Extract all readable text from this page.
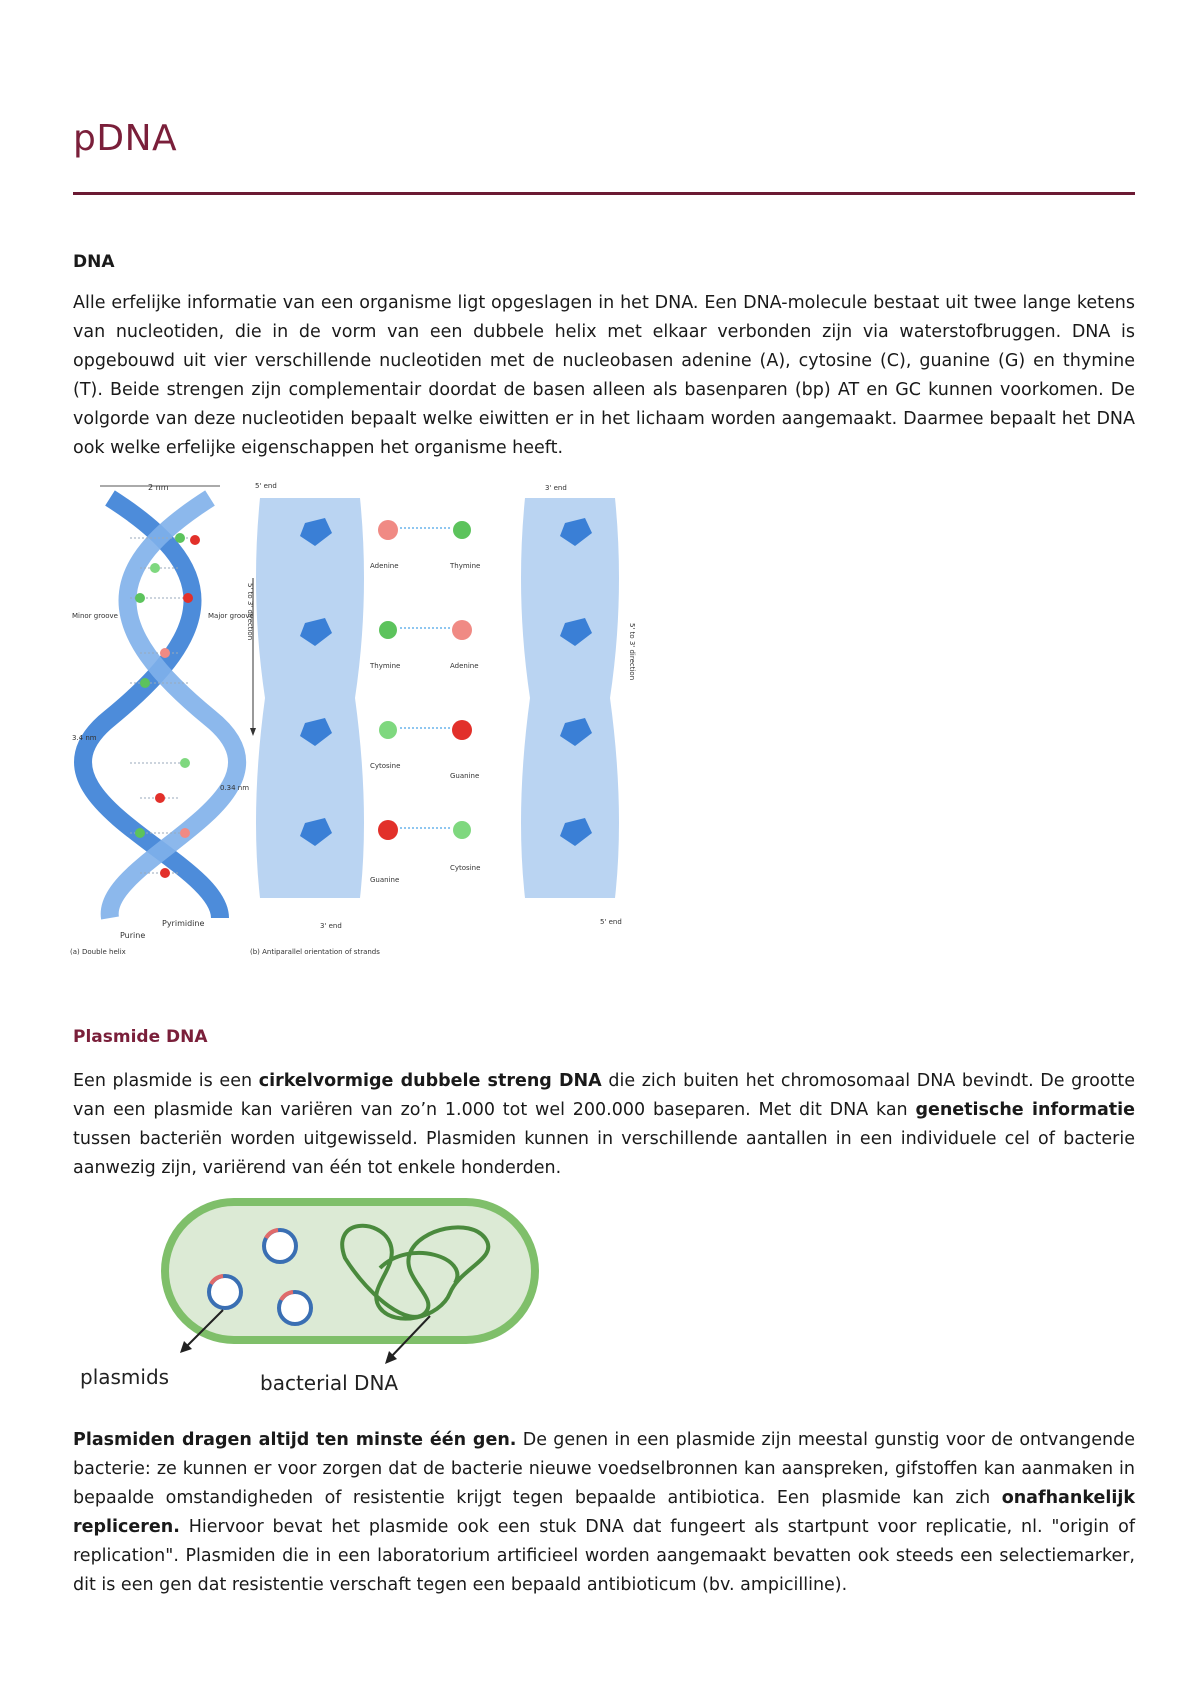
pDNA
DNA
Alle erfelijke informatie van een organisme ligt opgeslagen in het DNA. Een DNA-molecule bestaat uit twee lange ketens van nucleotiden, die in de vorm van een dubbele helix met elkaar verbonden zijn via waterstofbruggen. DNA is opgebouwd uit vier verschillende nucleotiden met de nucleobasen adenine (A), cytosine (C), guanine (G) en thymine (T). Beide strengen zijn complementair doordat de basen alleen als basenparen (bp) AT en GC kunnen voorkomen. De volgorde van deze nucleotiden bepaalt welke eiwitten er in het lichaam worden aangemaakt. Daarmee bepaalt het DNA ook welke erfelijke eigenschappen het organisme heeft.
2 nm
Minor groove	Major groove
3.4 nm
0.34 nm
Purine
Pyrimidine
(a) Double helix
5' end	3' end
3' end	5' end
5' to 3' direction
5' to 3' direction
Adenine	Thymine
Thymine	Adenine
Cytosine
Guanine
Guanine
Cytosine
(b) Antiparallel orientation of strands
Plasmide DNA
Een plasmide is een cirkelvormige dubbele streng DNA die zich buiten het chromosomaal DNA bevindt. De grootte van een plasmide kan variëren van zo’n 1.000 tot wel 200.000 baseparen. Met dit DNA kan genetische informatie tussen bacteriën worden uitgewisseld. Plasmiden kunnen in verschillende aantallen in een individuele cel of bacterie aanwezig zijn, variërend van één tot enkele honderden.
plasmids	bacterial DNA
Plasmiden dragen altijd ten minste één gen. De genen in een plasmide zijn meestal gunstig voor de ontvangende bacterie: ze kunnen er voor zorgen dat de bacterie nieuwe voedselbronnen kan aanspreken, gifstoffen kan aanmaken in bepaalde omstandigheden of resistentie krijgt tegen bepaalde antibiotica. Een plasmide kan zich onafhankelijk repliceren. Hiervoor bevat het plasmide ook een stuk DNA dat fungeert als startpunt voor replicatie, nl. "origin of replication". Plasmiden die in een laboratorium artificieel worden aangemaakt bevatten ook steeds een selectiemarker, dit is een gen dat resistentie verschaft tegen een bepaald antibioticum (bv. ampicilline).
